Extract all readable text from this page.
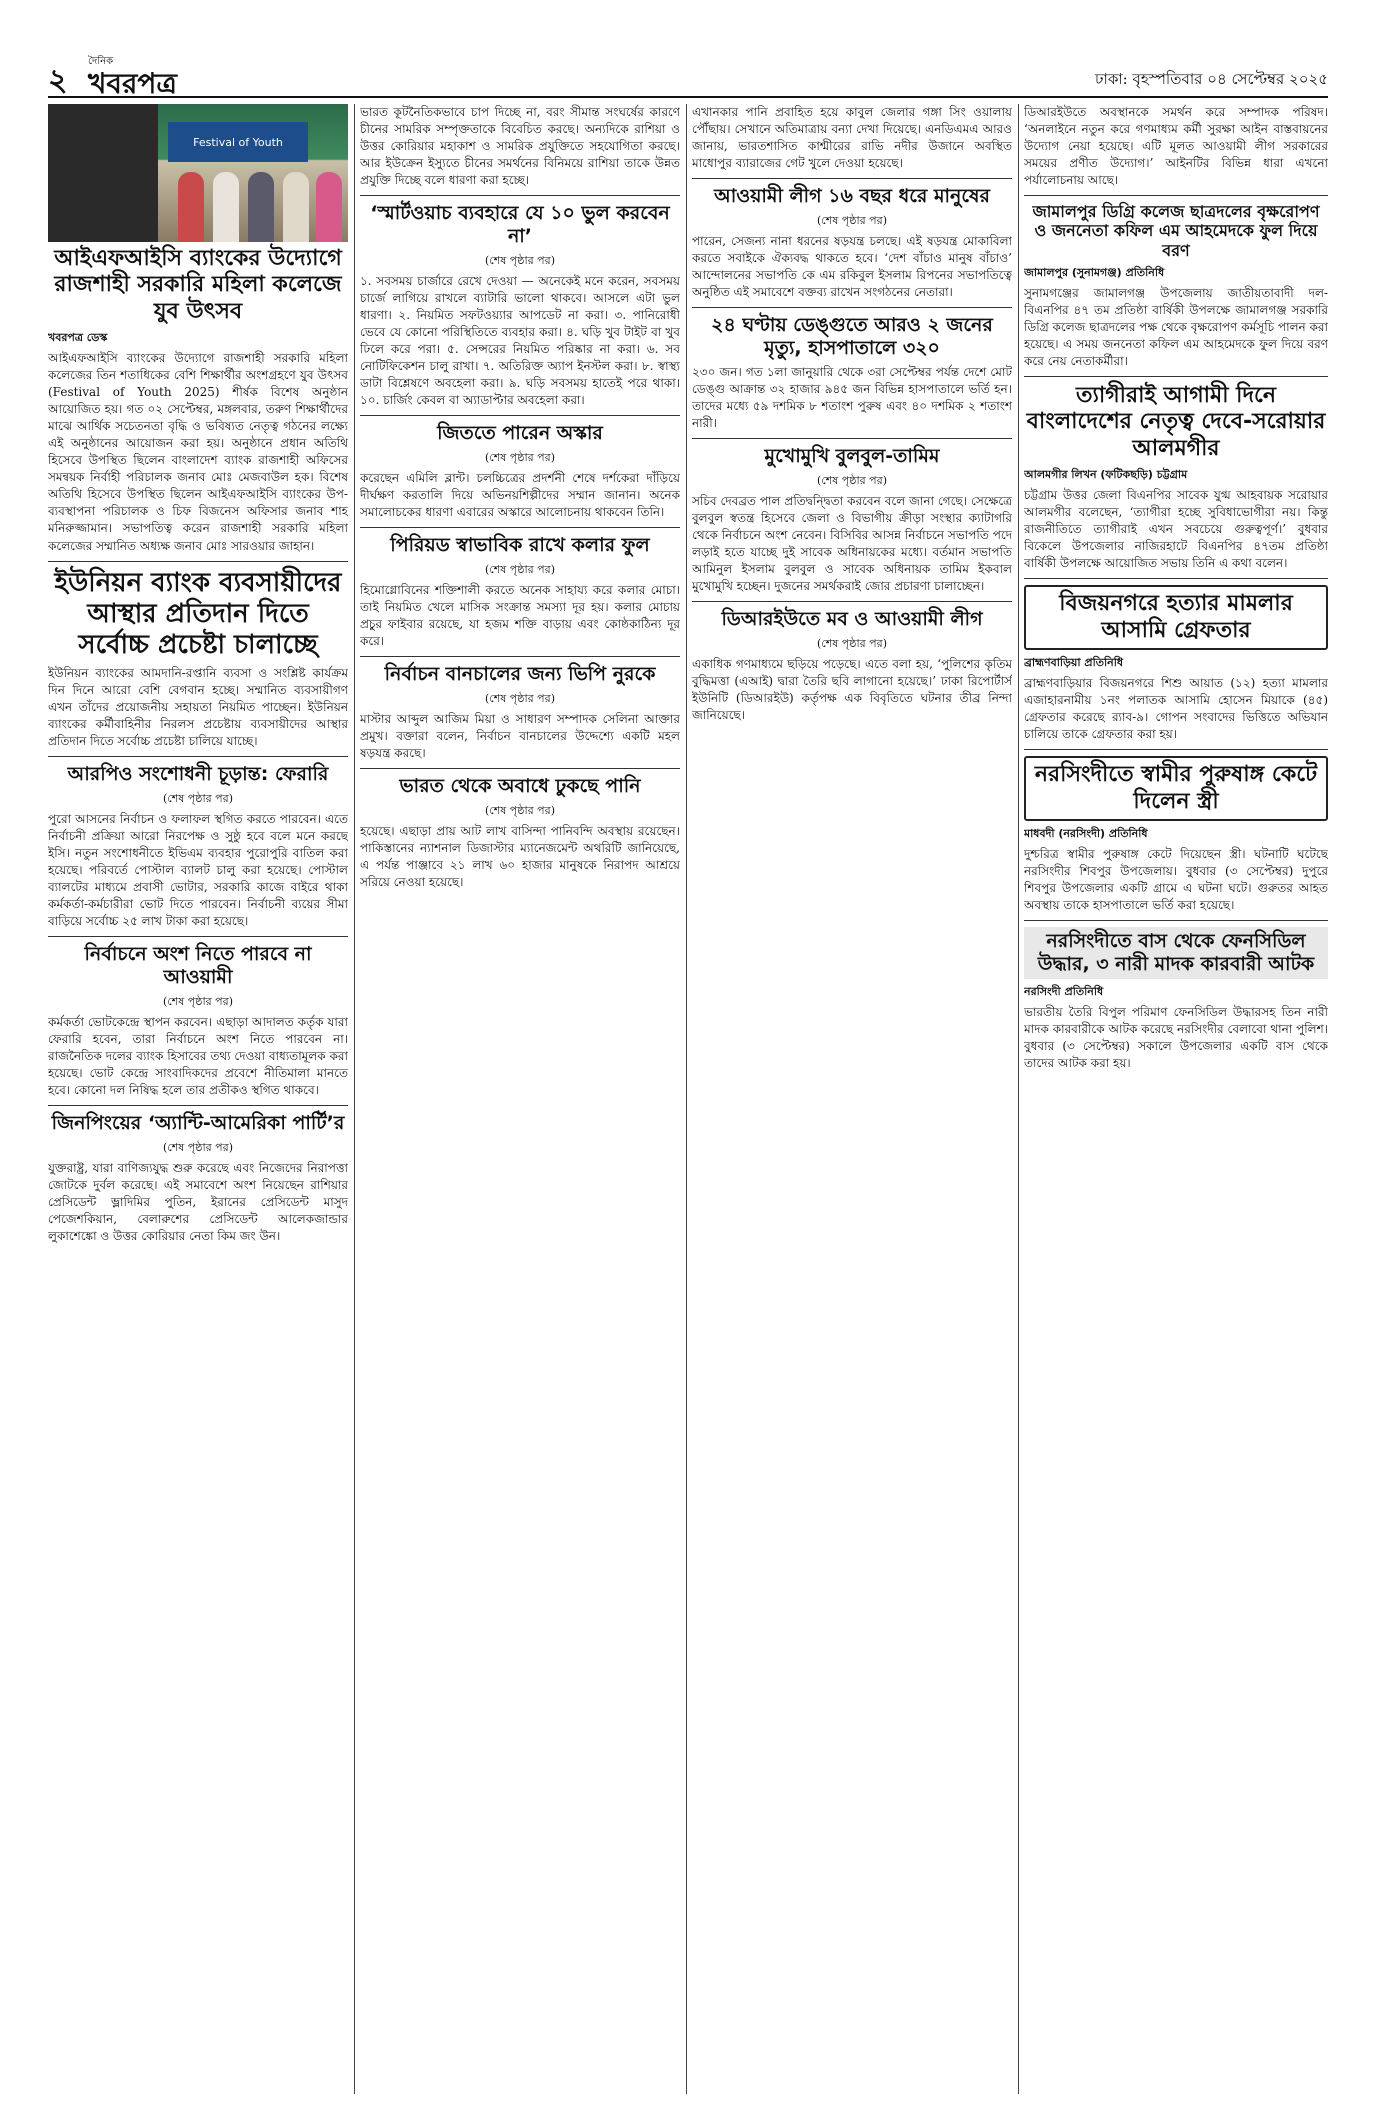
২
দৈনিক
খবরপত্র	ঢাকা: বৃহস্পতিবার ০৪ সেপ্টেম্বর ২০২৫
Festival of Youth
আইএফআইসি ব্যাংকের উদ্যোগে রাজশাহী সরকারি মহিলা কলেজে যুব উৎসব
খবরপত্র ডেস্ক

আইএফআইসি ব্যাংকের উদ্যোগে রাজশাহী সরকারি মহিলা কলেজের তিন শতাধিকের বেশি শিক্ষার্থীর অংশগ্রহণে যুব উৎসব (Festival of Youth 2025) শীর্ষক বিশেষ অনুষ্ঠান আয়োজিত হয়। গত ০২ সেপ্টেম্বর, মঙ্গলবার, তরুণ শিক্ষার্থীদের মাঝে আর্থিক সচেতনতা বৃদ্ধি ও ভবিষ্যত নেতৃত্ব গঠনের লক্ষ্যে এই অনুষ্ঠানের আয়োজন করা হয়। অনুষ্ঠানে প্রধান অতিথি হিসেবে উপস্থিত ছিলেন বাংলাদেশ ব্যাংক রাজশাহী অফিসের সমন্বয়ক নির্বাহী পরিচালক জনাব মোঃ মেজবাউল হক। বিশেষ অতিথি হিসেবে উপস্থিত ছিলেন আইএফআইসি ব্যাংকের উপ-ব্যবস্থাপনা পরিচালক ও চিফ বিজনেস অফিসার জনাব শাহ মনিরুজ্জামান। সভাপতিত্ব করেন রাজশাহী সরকারি মহিলা কলেজের সম্মানিত অধ্যক্ষ জনাব মোঃ সারওয়ার জাহান।

ইউনিয়ন ব্যাংক ব্যবসায়ীদের আস্থার প্রতিদান দিতে সর্বোচ্চ প্রচেষ্টা চালাচ্ছে

ইউনিয়ন ব্যাংকের আমদানি-রপ্তানি ব্যবসা ও সংশ্লিষ্ট কার্যক্রম দিন দিনে আরো বেশি বেগবান হচ্ছে। সম্মানিত ব্যবসায়ীগণ এখন তাঁদের প্রয়োজনীয় সহায়তা নিয়মিত পাচ্ছেন। ইউনিয়ন ব্যাংকের কর্মীবাহিনীর নিরলস প্রচেষ্টায় ব্যবসায়ীদের আস্থার প্রতিদান দিতে সর্বোচ্চ প্রচেষ্টা চালিয়ে যাচ্ছে।

আরপিও সংশোধনী চূড়ান্ত: ফেরারি
(শেষ পৃষ্ঠার পর)

পুরো আসনের নির্বাচন ও ফলাফল স্থগিত করতে পারবেন। এতে নির্বাচনী প্রক্রিয়া আরো নিরপেক্ষ ও সুষ্ঠু হবে বলে মনে করছে ইসি। নতুন সংশোধনীতে ইভিএম ব্যবহার পুরোপুরি বাতিল করা হয়েছে। পরিবর্তে পোস্টাল ব্যালট চালু করা হয়েছে। পোস্টাল ব্যালটের মাধ্যমে প্রবাসী ভোটার, সরকারি কাজে বাইরে থাকা কর্মকর্তা-কর্মচারীরা ভোট দিতে পারবেন। নির্বাচনী ব্যয়ের সীমা বাড়িয়ে সর্বোচ্চ ২৫ লাখ টাকা করা হয়েছে।

নির্বাচনে অংশ নিতে পারবে না আওয়ামী
(শেষ পৃষ্ঠার পর)

কর্মকর্তা ভোটকেন্দ্রে স্থাপন করবেন। এছাড়া আদালত কর্তৃক যারা ফেরারি হবেন, তারা নির্বাচনে অংশ নিতে পারবেন না। রাজনৈতিক দলের ব্যাংক হিসাবের তথ্য দেওয়া বাধ্যতামূলক করা হয়েছে। ভোট কেন্দ্রে সাংবাদিকদের প্রবেশে নীতিমালা মানতে হবে। কোনো দল নিষিদ্ধ হলে তার প্রতীকও স্থগিত থাকবে।

জিনপিংয়ের ‘অ্যান্টি-আমেরিকা পার্টি’র
(শেষ পৃষ্ঠার পর)

যুক্তরাষ্ট্র, যারা বাণিজ্যযুদ্ধ শুরু করেছে এবং নিজেদের নিরাপত্তা জোটকে দুর্বল করেছে। এই সমাবেশে অংশ নিয়েছেন রাশিয়ার প্রেসিডেন্ট ভ্লাদিমির পুতিন, ইরানের প্রেসিডেন্ট মাসুদ পেজেশকিয়ান, বেলারুশের প্রেসিডেন্ট আলেকজান্ডার লুকাশেঙ্কো ও উত্তর কোরিয়ার নেতা কিম জং উন।

ভারত কূটনৈতিকভাবে চাপ দিচ্ছে না, বরং সীমান্ত সংঘর্ষের কারণে চীনের সামরিক সম্পৃক্ততাকে বিবেচিত করছে। অন্যদিকে রাশিয়া ও উত্তর কোরিয়ার মহাকাশ ও সামরিক প্রযুক্তিতে সহযোগিতা করছে। আর ইউক্রেন ইস্যুতে চীনের সমর্থনের বিনিময়ে রাশিয়া তাকে উন্নত প্রযুক্তি দিচ্ছে বলে ধারণা করা হচ্ছে।

‘স্মার্টওয়াচ ব্যবহারে যে ১০ ভুল করবেন না’
(শেষ পৃষ্ঠার পর)

১. সবসময় চার্জারে রেখে দেওয়া — অনেকেই মনে করেন, সবসময় চার্জে লাগিয়ে রাখলে ব্যাটারি ভালো থাকবে। আসলে এটা ভুল ধারণা। ২. নিয়মিত সফটওয়্যার আপডেট না করা। ৩. পানিরোধী ভেবে যে কোনো পরিস্থিতিতে ব্যবহার করা। ৪. ঘড়ি খুব টাইট বা খুব ঢিলে করে পরা। ৫. সেন্সরের নিয়মিত পরিষ্কার না করা। ৬. সব নোটিফিকেশন চালু রাখা। ৭. অতিরিক্ত অ্যাপ ইনস্টল করা। ৮. স্বাস্থ্য ডাটা বিশ্লেষণে অবহেলা করা। ৯. ঘড়ি সবসময় হাতেই পরে থাকা। ১০. চার্জিং কেবল বা অ্যাডাপ্টার অবহেলা করা।

জিততে পারেন অস্কার
(শেষ পৃষ্ঠার পর)

করেছেন এমিলি ব্লান্ট। চলচ্চিত্রের প্রদর্শনী শেষে দর্শকেরা দাঁড়িয়ে দীর্ঘক্ষণ করতালি দিয়ে অভিনয়শিল্পীদের সম্মান জানান। অনেক সমালোচকের ধারণা এবারের অস্কারে আলোচনায় থাকবেন তিনি।

পিরিয়ড স্বাভাবিক রাখে কলার ফুল
(শেষ পৃষ্ঠার পর)

হিমোগ্লোবিনের শক্তিশালী করতে অনেক সাহায্য করে কলার মোচা। তাই নিয়মিত খেলে মাসিক সংক্রান্ত সমস্যা দূর হয়। কলার মোচায় প্রচুর ফাইবার রয়েছে, যা হজম শক্তি বাড়ায় এবং কোষ্ঠকাঠিন্য দূর করে।

নির্বাচন বানচালের জন্য ভিপি নুরকে
(শেষ পৃষ্ঠার পর)

মাস্টার আব্দুল আজিম মিয়া ও সাধারণ সম্পাদক সেলিনা আক্তার প্রমুখ। বক্তারা বলেন, নির্বাচন বানচালের উদ্দেশ্যে একটি মহল ষড়যন্ত্র করছে।

ভারত থেকে অবাধে ঢুকছে পানি
(শেষ পৃষ্ঠার পর)

হয়েছে। এছাড়া প্রায় আট লাখ বাসিন্দা পানিবন্দি অবস্থায় রয়েছেন। পাকিস্তানের ন্যাশনাল ডিজাস্টার ম্যানেজমেন্ট অথরিটি জানিয়েছে, এ পর্যন্ত পাঞ্জাবে ২১ লাখ ৬০ হাজার মানুষকে নিরাপদ আশ্রয়ে সরিয়ে নেওয়া হয়েছে।

এখানকার পানি প্রবাহিত হয়ে কাবুল জেলার গঙ্গা সিং ওয়ালায় পৌঁছায়। সেখানে অতিমাত্রায় বন্যা দেখা দিয়েছে। এনডিএমএ আরও জানায়, ভারতশাসিত কাশ্মীরের রাভি নদীর উজানে অবস্থিত মাধোপুর ব্যারাজের গেট খুলে দেওয়া হয়েছে।

আওয়ামী লীগ ১৬ বছর ধরে মানুষের
(শেষ পৃষ্ঠার পর)

পারেন, সেজন্য নানা ধরনের ষড়যন্ত্র চলছে। এই ষড়যন্ত্র মোকাবিলা করতে সবাইকে ঐক্যবদ্ধ থাকতে হবে। ‘দেশ বাঁচাও মানুষ বাঁচাও’ আন্দোলনের সভাপতি কে এম রকিবুল ইসলাম রিপনের সভাপতিত্বে অনুষ্ঠিত এই সমাবেশে বক্তব্য রাখেন সংগঠনের নেতারা।

২৪ ঘণ্টায় ডেঙ্গুতে আরও ২ জনের মৃত্যু, হাসপাতালে ৩২০

২৩০ জন। গত ১লা জানুয়ারি থেকে ৩রা সেপ্টেম্বর পর্যন্ত দেশে মোট ডেঙ্গু আক্রান্ত ৩২ হাজার ৯৪৫ জন বিভিন্ন হাসপাতালে ভর্তি হন। তাদের মধ্যে ৫৯ দশমিক ৮ শতাংশ পুরুষ এবং ৪০ দশমিক ২ শতাংশ নারী।

মুখোমুখি বুলবুল-তামিম
(শেষ পৃষ্ঠার পর)

সচিব দেবব্রত পাল প্রতিদ্বন্দ্বিতা করবেন বলে জানা গেছে। সেক্ষেত্রে বুলবুল স্বতন্ত্র হিসেবে জেলা ও বিভাগীয় ক্রীড়া সংস্থার ক্যাটাগরি থেকে নির্বাচনে অংশ নেবেন। বিসিবির আসন্ন নির্বাচনে সভাপতি পদে লড়াই হতে যাচ্ছে দুই সাবেক অধিনায়কের মধ্যে। বর্তমান সভাপতি আমিনুল ইসলাম বুলবুল ও সাবেক অধিনায়ক তামিম ইকবাল মুখোমুখি হচ্ছেন। দুজনের সমর্থকরাই জোর প্রচারণা চালাচ্ছেন।

ডিআরইউতে মব ও আওয়ামী লীগ
(শেষ পৃষ্ঠার পর)

একাধিক গণমাধ্যমে ছড়িয়ে পড়েছে। এতে বলা হয়, ‘পুলিশের কৃতিম বুদ্ধিমত্তা (এআই) দ্বারা তৈরি ছবি লাগানো হয়েছে।’ ঢাকা রিপোর্টার্স ইউনিটি (ডিআরইউ) কর্তৃপক্ষ এক বিবৃতিতে ঘটনার তীব্র নিন্দা জানিয়েছে।

ডিআরইউতে অবস্থানকে সমর্থন করে সম্পাদক পরিষদ। ‘অনলাইনে নতুন করে গণমাধ্যম কর্মী সুরক্ষা আইন বাস্তবায়নের উদ্যোগ নেয়া হয়েছে। এটি মূলত আওয়ামী লীগ সরকারের সময়ের প্রণীত উদ্যোগ।’ আইনটির বিভিন্ন ধারা এখনো পর্যালোচনায় আছে।

জামালপুর ডিগ্রি কলেজ ছাত্রদলের বৃক্ষরোপণ ও জননেতা কফিল এম আহমেদকে ফুল দিয়ে বরণ
জামালপুর (সুনামগঞ্জ) প্রতিনিধি

সুনামগঞ্জের জামালগঞ্জ উপজেলায় জাতীয়তাবাদী দল- বিএনপির ৪৭ তম প্রতিষ্ঠা বার্ষিকী উপলক্ষে জামালগঞ্জ সরকারি ডিগ্রি কলেজ ছাত্রদলের পক্ষ থেকে বৃক্ষরোপণ কর্মসূচি পালন করা হয়েছে। এ সময় জননেতা কফিল এম আহমেদকে ফুল দিয়ে বরণ করে নেয় নেতাকর্মীরা।

ত্যাগীরাই আগামী দিনে বাংলাদেশের নেতৃত্ব দেবে-সরোয়ার আলমগীর
আলমগীর লিখন (ফটিকছড়ি) চট্টগ্রাম

চট্টগ্রাম উত্তর জেলা বিএনপির সাবেক যুগ্ম আহবায়ক সরোয়ার আলমগীর বলেছেন, ‘ত্যাগীরা হচ্ছে সুবিধাভোগীরা নয়। কিন্তু রাজনীতিতে ত্যাগীরাই এখন সবচেয়ে গুরুত্বপূর্ণ।’ বুধবার বিকেলে উপজেলার নাজিরহাটে বিএনপির ৪৭তম প্রতিষ্ঠা বার্ষিকী উপলক্ষে আয়োজিত সভায় তিনি এ কথা বলেন।

বিজয়নগরে হত্যার মামলার আসামি গ্রেফতার
ব্রাহ্মণবাড়িয়া প্রতিনিধি

ব্রাহ্মণবাড়িয়ার বিজয়নগরে শিশু আয়াত (১২) হত্যা মামলার এজাহারনামীয় ১নং পলাতক আসামি হোসেন মিয়াকে (৪৫) গ্রেফতার করেছে র‍্যাব-৯। গোপন সংবাদের ভিত্তিতে অভিযান চালিয়ে তাকে গ্রেফতার করা হয়।

নরসিংদীতে স্বামীর পুরুষাঙ্গ কেটে দিলেন স্ত্রী
মাধবদী (নরসিংদী) প্রতিনিধি

দুশ্চরিত্র স্বামীর পুরুষাঙ্গ কেটে দিয়েছেন স্ত্রী। ঘটনাটি ঘটেছে নরসিংদীর শিবপুর উপজেলায়। বুধবার (৩ সেপ্টেম্বর) দুপুরে শিবপুর উপজেলার একটি গ্রামে এ ঘটনা ঘটে। গুরুতর আহত অবস্থায় তাকে হাসপাতালে ভর্তি করা হয়েছে।

নরসিংদীতে বাস থেকে ফেনসিডিল উদ্ধার, ৩ নারী মাদক কারবারী আটক
নরসিংদী প্রতিনিধি

ভারতীয় তৈরি বিপুল পরিমাণ ফেনসিডিল উদ্ধারসহ তিন নারী মাদক কারবারীকে আটক করেছে নরসিংদীর বেলাবো থানা পুলিশ। বুধবার (৩ সেপ্টেম্বর) সকালে উপজেলার একটি বাস থেকে তাদের আটক করা হয়।
